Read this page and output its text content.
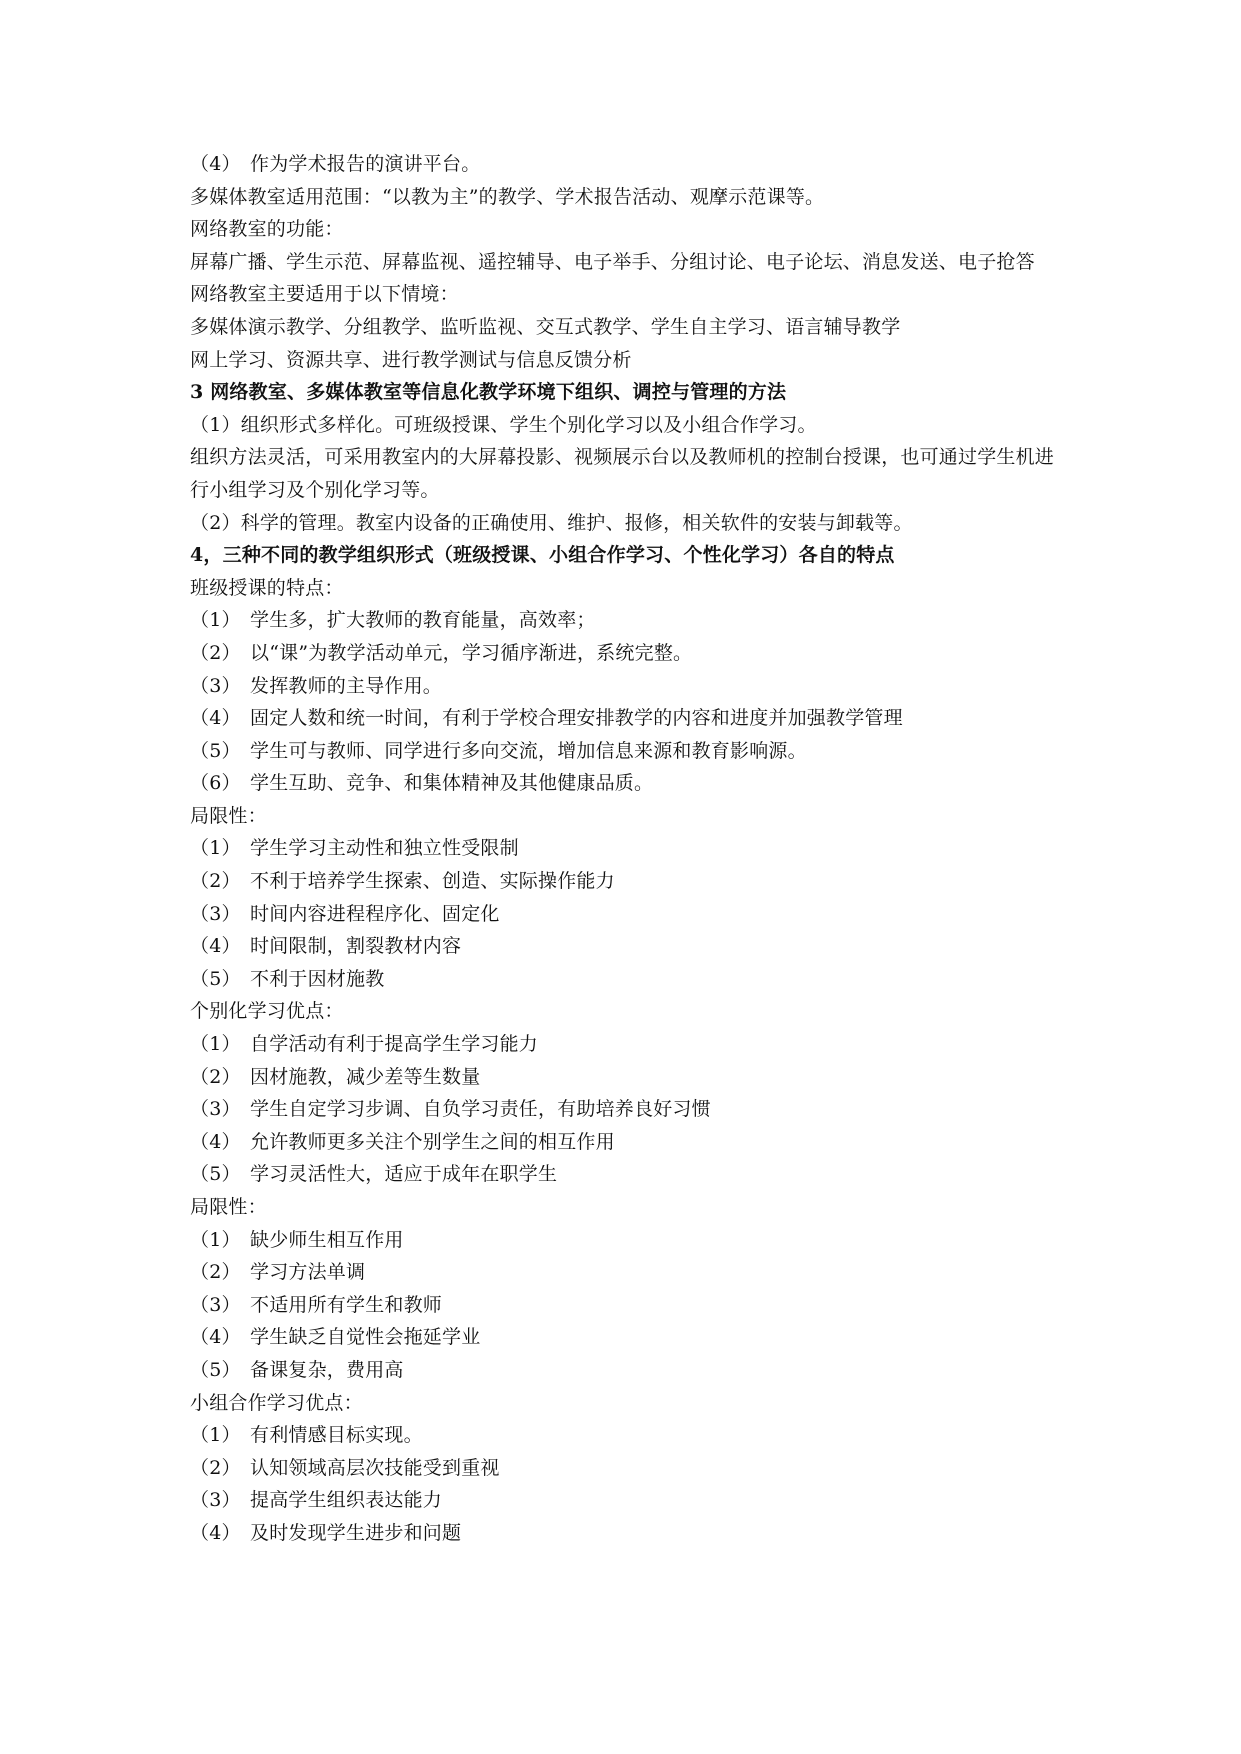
（4） 作为学术报告的演讲平台。
多媒体教室适用范围：“以教为主”的教学、学术报告活动、观摩示范课等。
网络教室的功能：
屏幕广播、学生示范、屏幕监视、遥控辅导、电子举手、分组讨论、电子论坛、消息发送、电子抢答
网络教室主要适用于以下情境：
多媒体演示教学、分组教学、监听监视、交互式教学、学生自主学习、语言辅导教学
网上学习、资源共享、进行教学测试与信息反馈分析
3 网络教室、多媒体教室等信息化教学环境下组织、调控与管理的方法
（1）组织形式多样化。可班级授课、学生个别化学习以及小组合作学习。
组织方法灵活，可采用教室内的大屏幕投影、视频展示台以及教师机的控制台授课，也可通过学生机进行小组学习及个别化学习等。
（2）科学的管理。教室内设备的正确使用、维护、报修，相关软件的安装与卸载等。
4，三种不同的教学组织形式（班级授课、小组合作学习、个性化学习）各自的特点
班级授课的特点：
（1） 学生多，扩大教师的教育能量，高效率；
（2） 以“课”为教学活动单元，学习循序渐进，系统完整。
（3） 发挥教师的主导作用。
（4） 固定人数和统一时间，有利于学校合理安排教学的内容和进度并加强教学管理
（5） 学生可与教师、同学进行多向交流，增加信息来源和教育影响源。
（6） 学生互助、竞争、和集体精神及其他健康品质。
局限性：
（1） 学生学习主动性和独立性受限制
（2） 不利于培养学生探索、创造、实际操作能力
（3） 时间内容进程程序化、固定化
（4） 时间限制，割裂教材内容
（5） 不利于因材施教
个别化学习优点：
（1） 自学活动有利于提高学生学习能力
（2） 因材施教，减少差等生数量
（3） 学生自定学习步调、自负学习责任，有助培养良好习惯
（4） 允许教师更多关注个别学生之间的相互作用
（5） 学习灵活性大，适应于成年在职学生
局限性：
（1） 缺少师生相互作用
（2） 学习方法单调
（3） 不适用所有学生和教师
（4） 学生缺乏自觉性会拖延学业
（5） 备课复杂，费用高
小组合作学习优点：
（1） 有利情感目标实现。
（2） 认知领域高层次技能受到重视
（3） 提高学生组织表达能力
（4） 及时发现学生进步和问题
